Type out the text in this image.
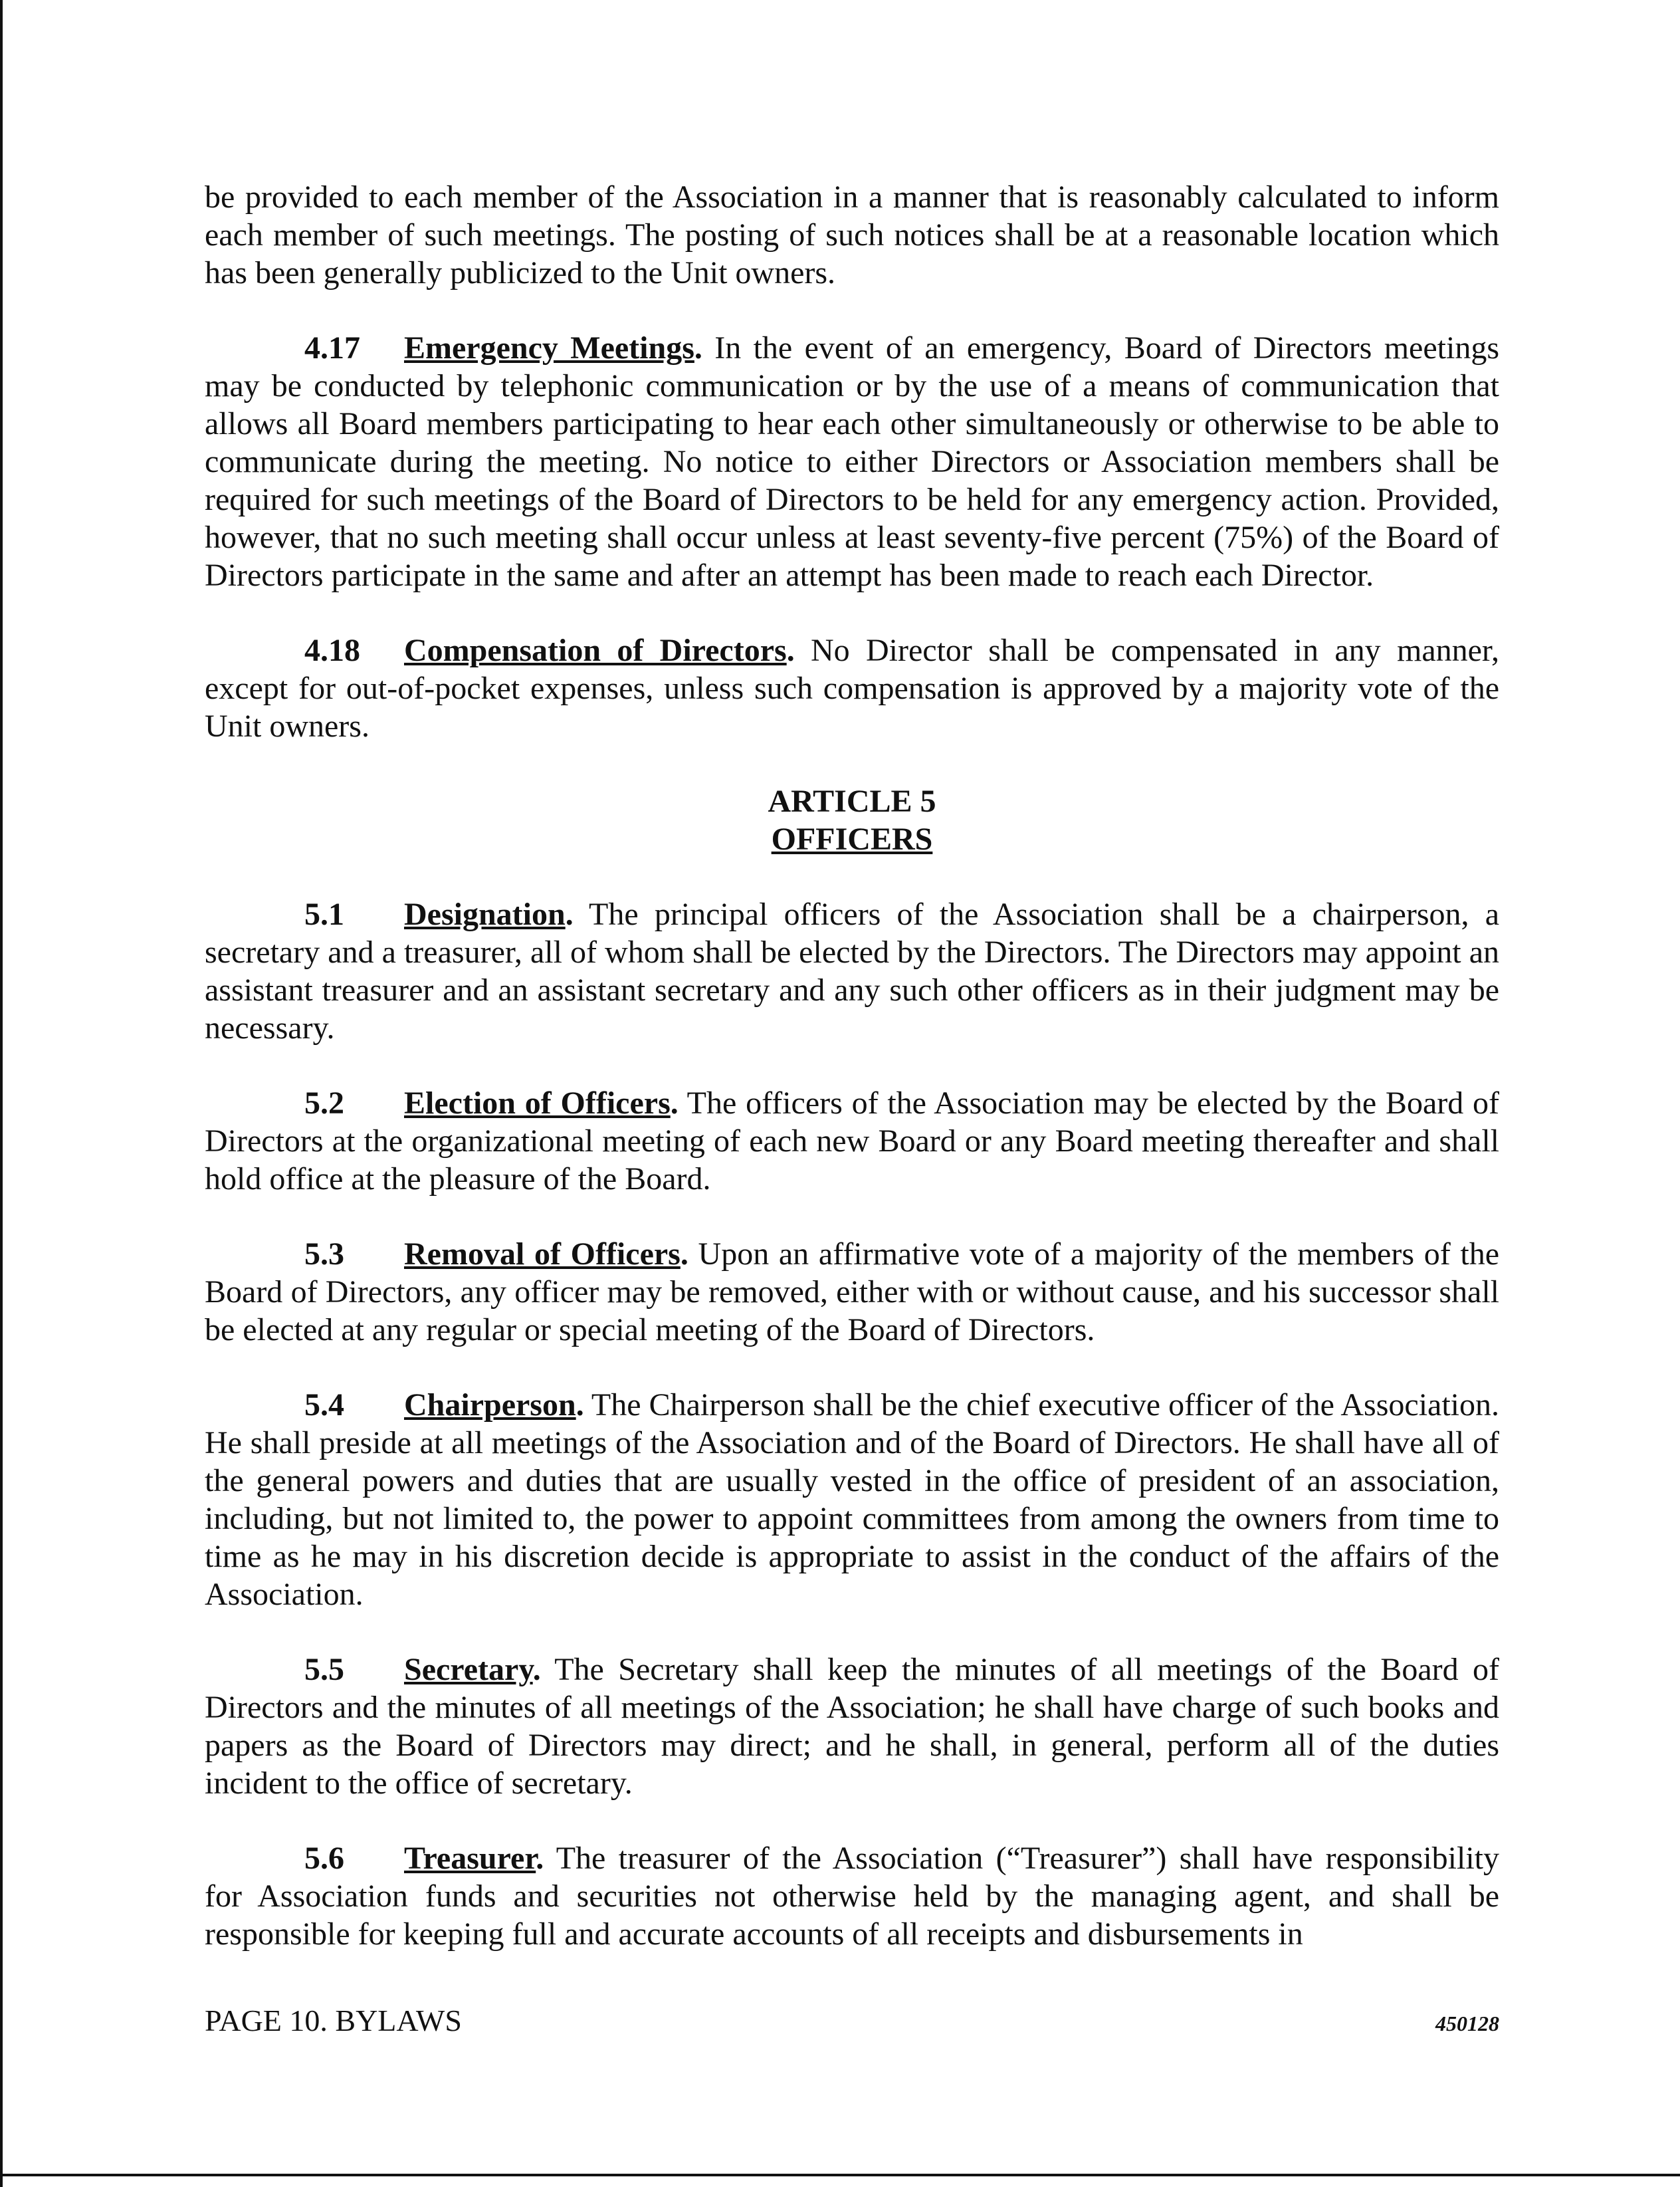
be provided to each member of the Association in a manner that is reasonably calculated to inform each member of such meetings. The posting of such notices shall be at a reasonable location which has been generally publicized to the Unit owners.

4.17 Emergency Meetings. In the event of an emergency, Board of Directors meetings may be conducted by telephonic communication or by the use of a means of communication that allows all Board members participating to hear each other simultaneously or otherwise to be able to communicate during the meeting. No notice to either Directors or Association members shall be required for such meetings of the Board of Directors to be held for any emergency action. Provided, however, that no such meeting shall occur unless at least seventy-five percent (75%) of the Board of Directors participate in the same and after an attempt has been made to reach each Director.

4.18 Compensation of Directors. No Director shall be compensated in any manner, except for out-of-pocket expenses, unless such compensation is approved by a majority vote of the Unit owners.

ARTICLE 5
OFFICERS

5.1 Designation. The principal officers of the Association shall be a chairperson, a secretary and a treasurer, all of whom shall be elected by the Directors. The Directors may appoint an assistant treasurer and an assistant secretary and any such other officers as in their judgment may be necessary.

5.2 Election of Officers. The officers of the Association may be elected by the Board of Directors at the organizational meeting of each new Board or any Board meeting thereafter and shall hold office at the pleasure of the Board.

5.3 Removal of Officers. Upon an affirmative vote of a majority of the members of the Board of Directors, any officer may be removed, either with or without cause, and his successor shall be elected at any regular or special meeting of the Board of Directors.

5.4 Chairperson. The Chairperson shall be the chief executive officer of the Association. He shall preside at all meetings of the Association and of the Board of Directors. He shall have all of the general powers and duties that are usually vested in the office of president of an association, including, but not limited to, the power to appoint committees from among the owners from time to time as he may in his discretion decide is appropriate to assist in the conduct of the affairs of the Association.

5.5 Secretary. The Secretary shall keep the minutes of all meetings of the Board of Directors and the minutes of all meetings of the Association; he shall have charge of such books and papers as the Board of Directors may direct; and he shall, in general, perform all of the duties incident to the office of secretary.

5.6 Treasurer. The treasurer of the Association (“Treasurer”) shall have responsibility for Association funds and securities not otherwise held by the managing agent, and shall be responsible for keeping full and accurate accounts of all receipts and disbursements in

PAGE 10. BYLAWS	450128
